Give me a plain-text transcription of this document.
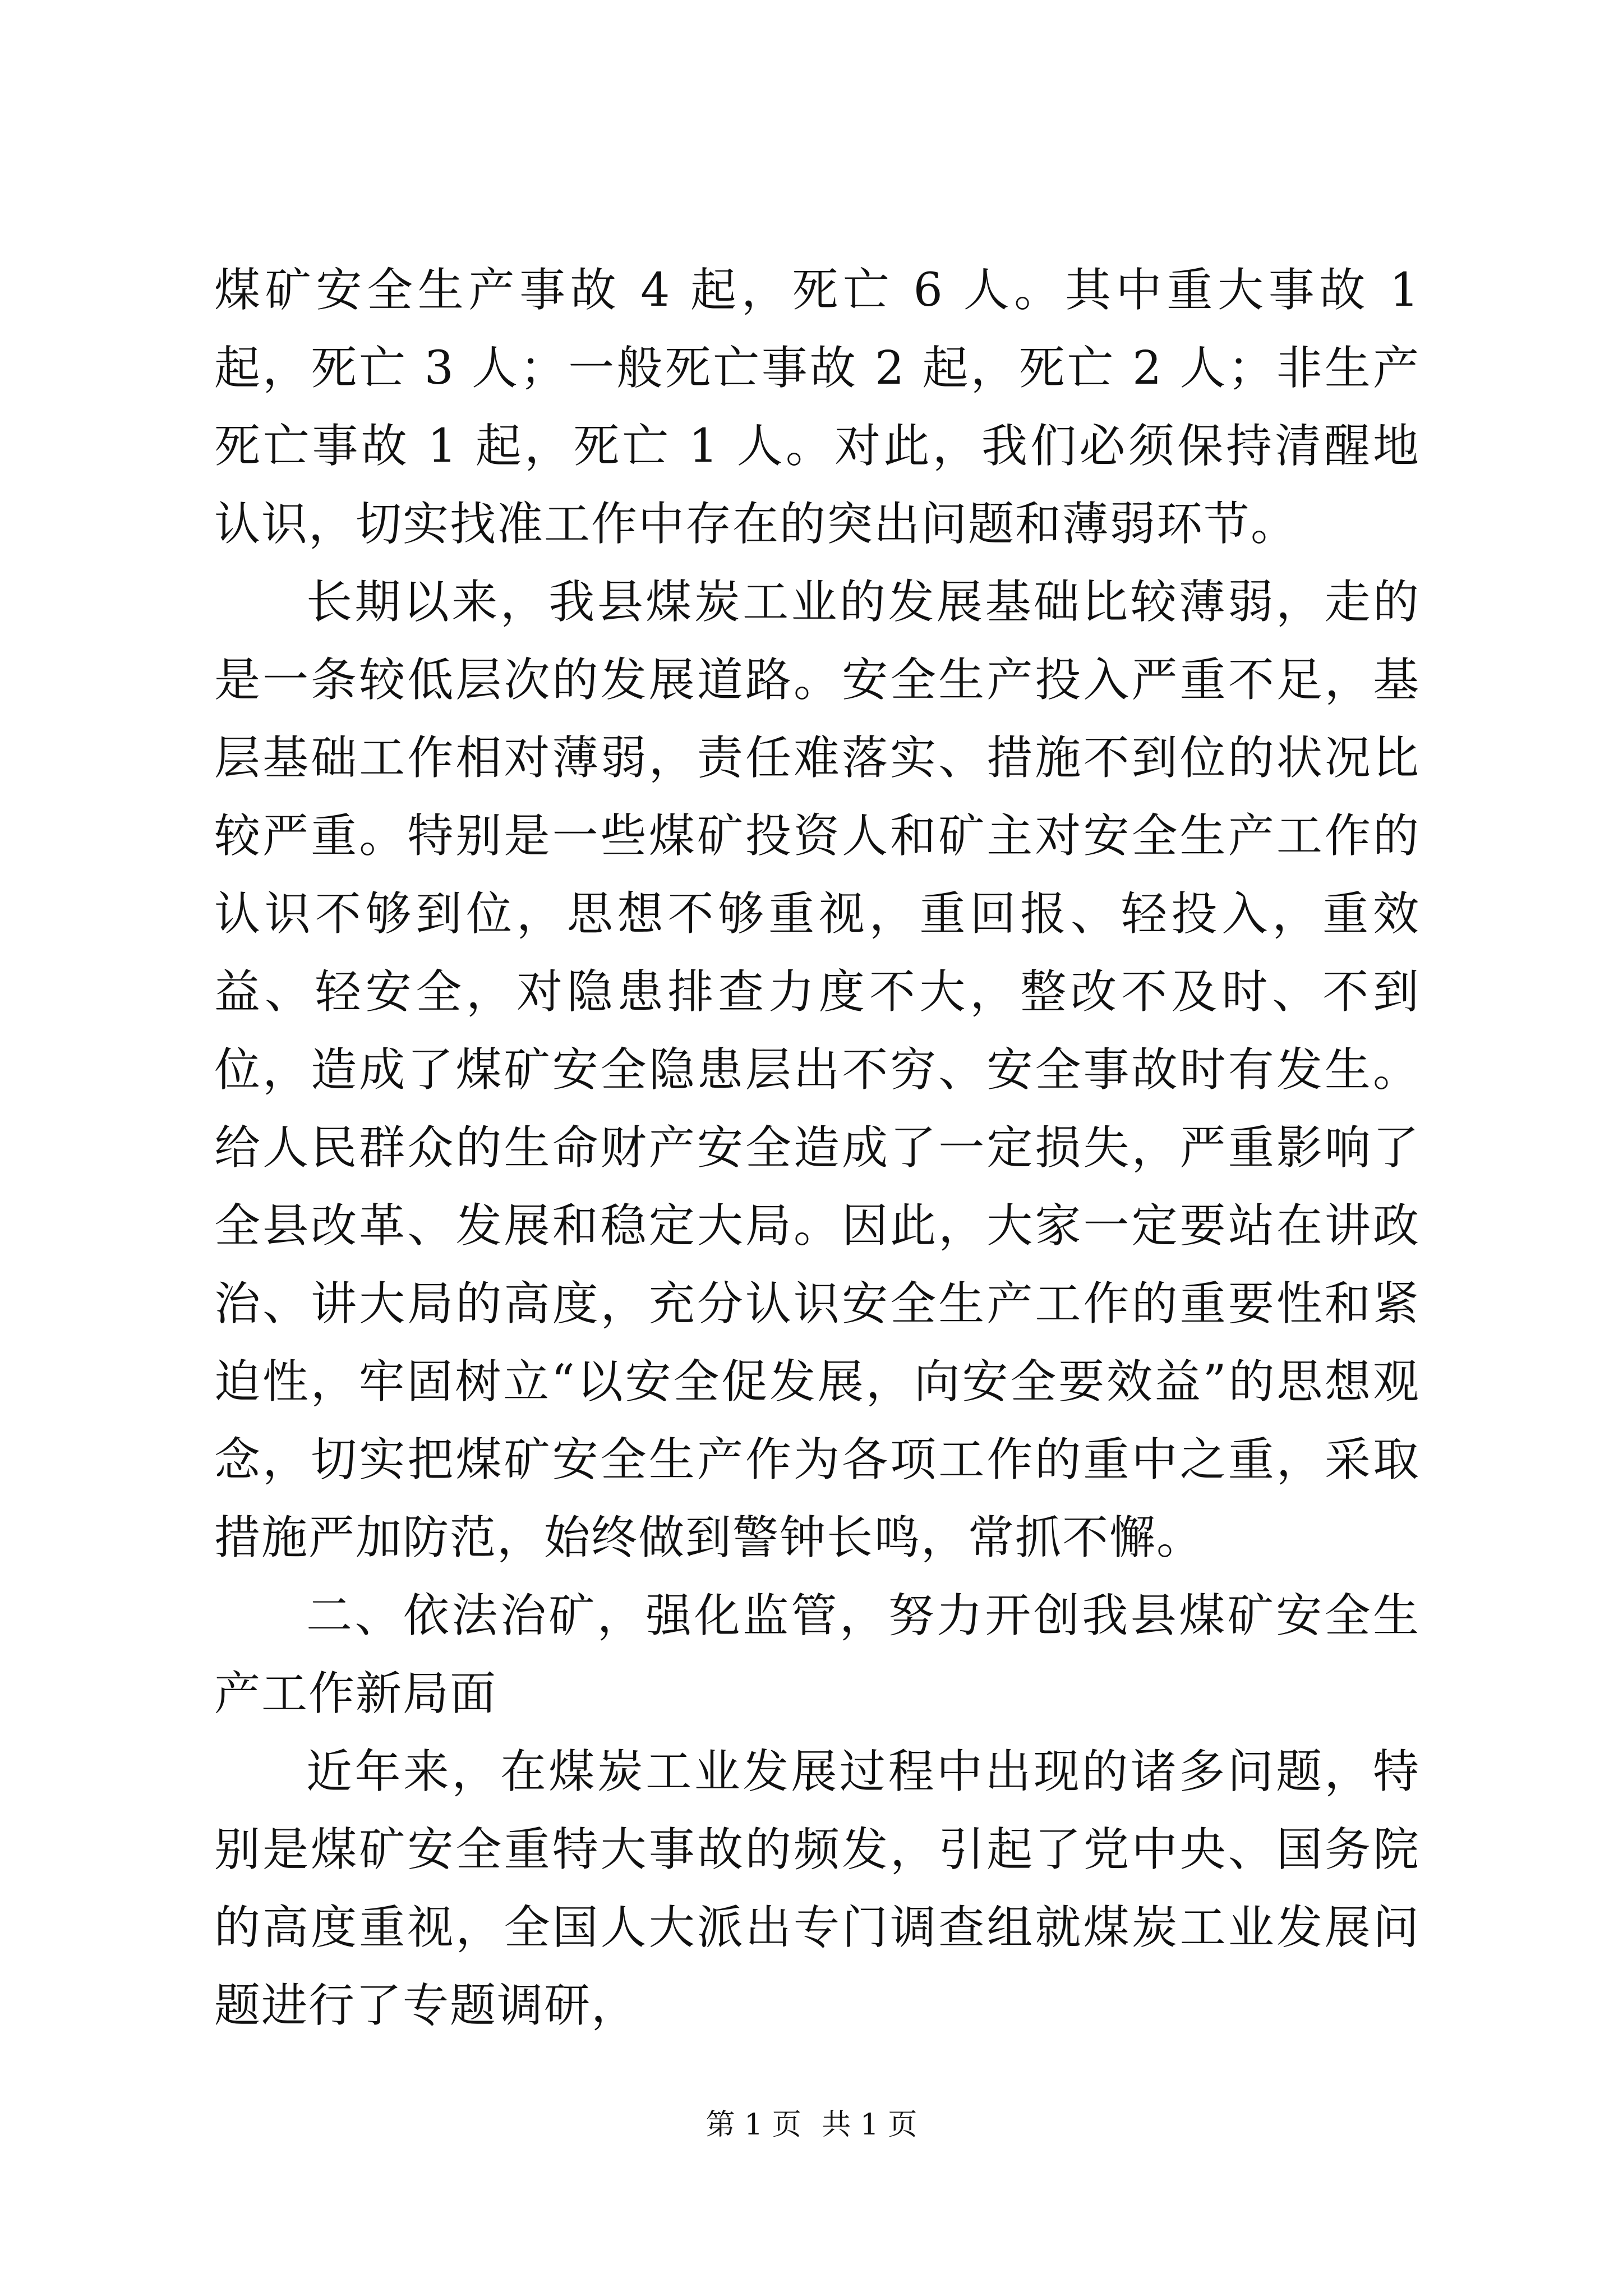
煤矿安全生产事故 4 起，死亡 6 人。其中重大事故 1 起，死亡 3 人；一般死亡事故 2 起，死亡 2 人；非生产死亡事故 1 起，死亡 1 人。对此，我们必须保持清醒地认识，切实找准工作中存在的突出问题和薄弱环节。

长期以来，我县煤炭工业的发展基础比较薄弱，走的是一条较低层次的发展道路。安全生产投入严重不足，基层基础工作相对薄弱，责任难落实、措施不到位的状况比较严重。特别是一些煤矿投资人和矿主对安全生产工作的认识不够到位，思想不够重视，重回报、轻投入，重效益、轻安全，对隐患排查力度不大，整改不及时、不到位，造成了煤矿安全隐患层出不穷、安全事故时有发生。给人民群众的生命财产安全造成了一定损失，严重影响了全县改革、发展和稳定大局。因此，大家一定要站在讲政治、讲大局的高度，充分认识安全生产工作的重要性和紧迫性，牢固树立“以安全促发展，向安全要效益”的思想观念，切实把煤矿安全生产作为各项工作的重中之重，采取措施严加防范，始终做到警钟长鸣，常抓不懈。

二、依法治矿，强化监管，努力开创我县煤矿安全生产工作新局面

近年来，在煤炭工业发展过程中出现的诸多问题，特别是煤矿安全重特大事故的频发，引起了党中央、国务院的高度重视，全国人大派出专门调查组就煤炭工业发展问题进行了专题调研，

第 1 页 共 1 页
